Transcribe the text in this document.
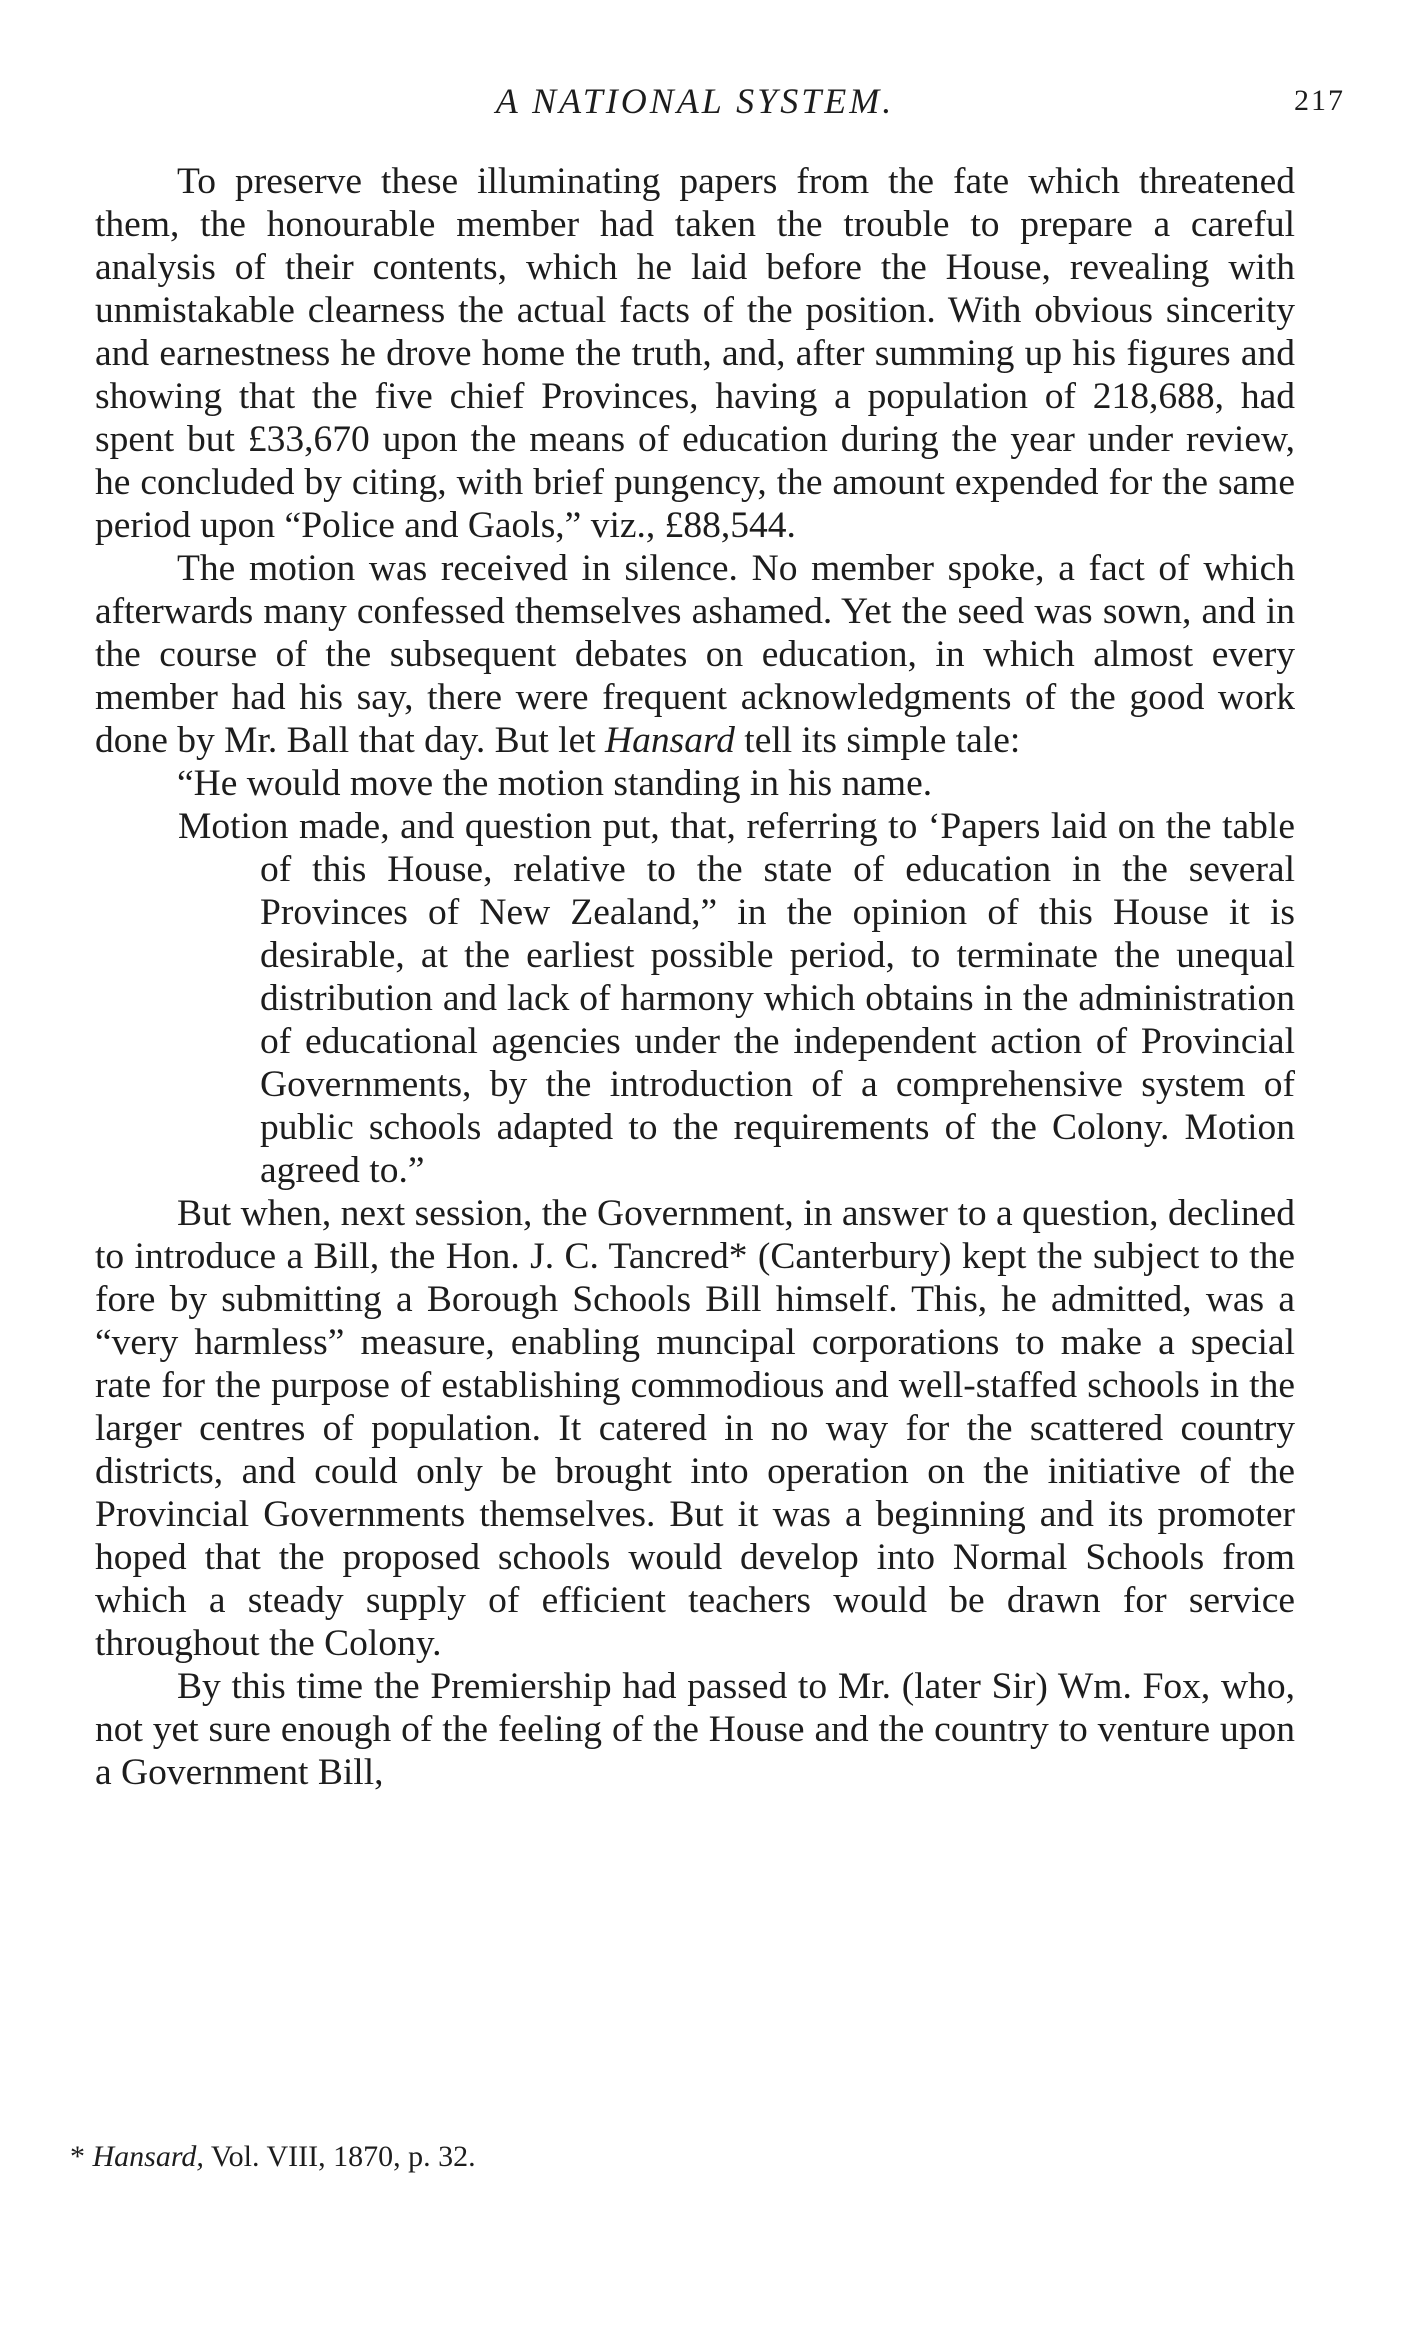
A NATIONAL SYSTEM.	217

To preserve these illuminating papers from the fate which threatened them, the honourable member had taken the trouble to prepare a careful analysis of their contents, which he laid before the House, revealing with unmistakable clearness the actual facts of the position. With obvious sincerity and earnestness he drove home the truth, and, after summing up his figures and showing that the five chief Provinces, having a population of 218,688, had spent but £33,670 upon the means of education during the year under review, he concluded by citing, with brief pungency, the amount expended for the same period upon “Police and Gaols,” viz., £88,544.

The motion was received in silence. No member spoke, a fact of which afterwards many confessed themselves ashamed. Yet the seed was sown, and in the course of the subsequent debates on education, in which almost every member had his say, there were frequent acknowledgments of the good work done by Mr. Ball that day. But let Hansard tell its simple tale:

“He would move the motion standing in his name.
Motion made, and question put, that, referring to ‘Papers laid on the table of this House, relative to the state of education in the several Provinces of New Zealand,” in the opinion of this House it is desirable, at the earliest possible period, to terminate the unequal distribution and lack of harmony which obtains in the administration of educational agencies under the independent action of Provincial Governments, by the introduction of a comprehensive system of public schools adapted to the requirements of the Colony. Motion agreed to.”

But when, next session, the Government, in answer to a question, declined to introduce a Bill, the Hon. J. C. Tancred* (Canterbury) kept the subject to the fore by submitting a Borough Schools Bill himself. This, he admitted, was a “very harmless” measure, enabling muncipal corporations to make a special rate for the purpose of establishing commodious and well-staffed schools in the larger centres of population. It catered in no way for the scattered country districts, and could only be brought into operation on the initiative of the Provincial Governments themselves. But it was a beginning and its promoter hoped that the proposed schools would develop into Normal Schools from which a steady supply of efficient teachers would be drawn for service throughout the Colony.

By this time the Premiership had passed to Mr. (later Sir) Wm. Fox, who, not yet sure enough of the feeling of the House and the country to venture upon a Government Bill,

* Hansard, Vol. VIII, 1870, p. 32.
